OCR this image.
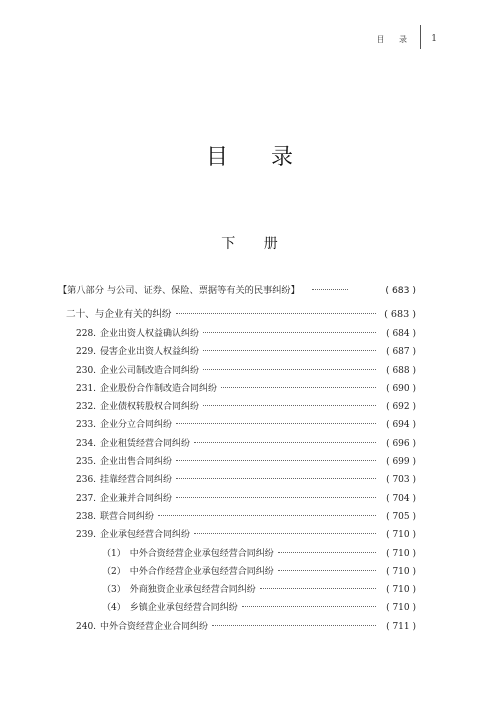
目 录 1
目 录
下 册
【第八部分 与公司、证券、保险、票据等有关的民事纠纷】	( 683 )
二十、与企业有关的纠纷	( 683 )
228. 企业出资人权益确认纠纷	( 684 )
229. 侵害企业出资人权益纠纷	( 687 )
230. 企业公司制改造合同纠纷	( 688 )
231. 企业股份合作制改造合同纠纷	( 690 )
232. 企业债权转股权合同纠纷	( 692 )
233. 企业分立合同纠纷	( 694 )
234. 企业租赁经营合同纠纷	( 696 )
235. 企业出售合同纠纷	( 699 )
236. 挂靠经营合同纠纷	( 703 )
237. 企业兼并合同纠纷	( 704 )
238. 联营合同纠纷	( 705 )
239. 企业承包经营合同纠纷	( 710 )
（1） 中外合资经营企业承包经营合同纠纷	( 710 )
（2） 中外合作经营企业承包经营合同纠纷	( 710 )
（3） 外商独资企业承包经营合同纠纷	( 710 )
（4） 乡镇企业承包经营合同纠纷	( 710 )
240. 中外合资经营企业合同纠纷	( 711 )
